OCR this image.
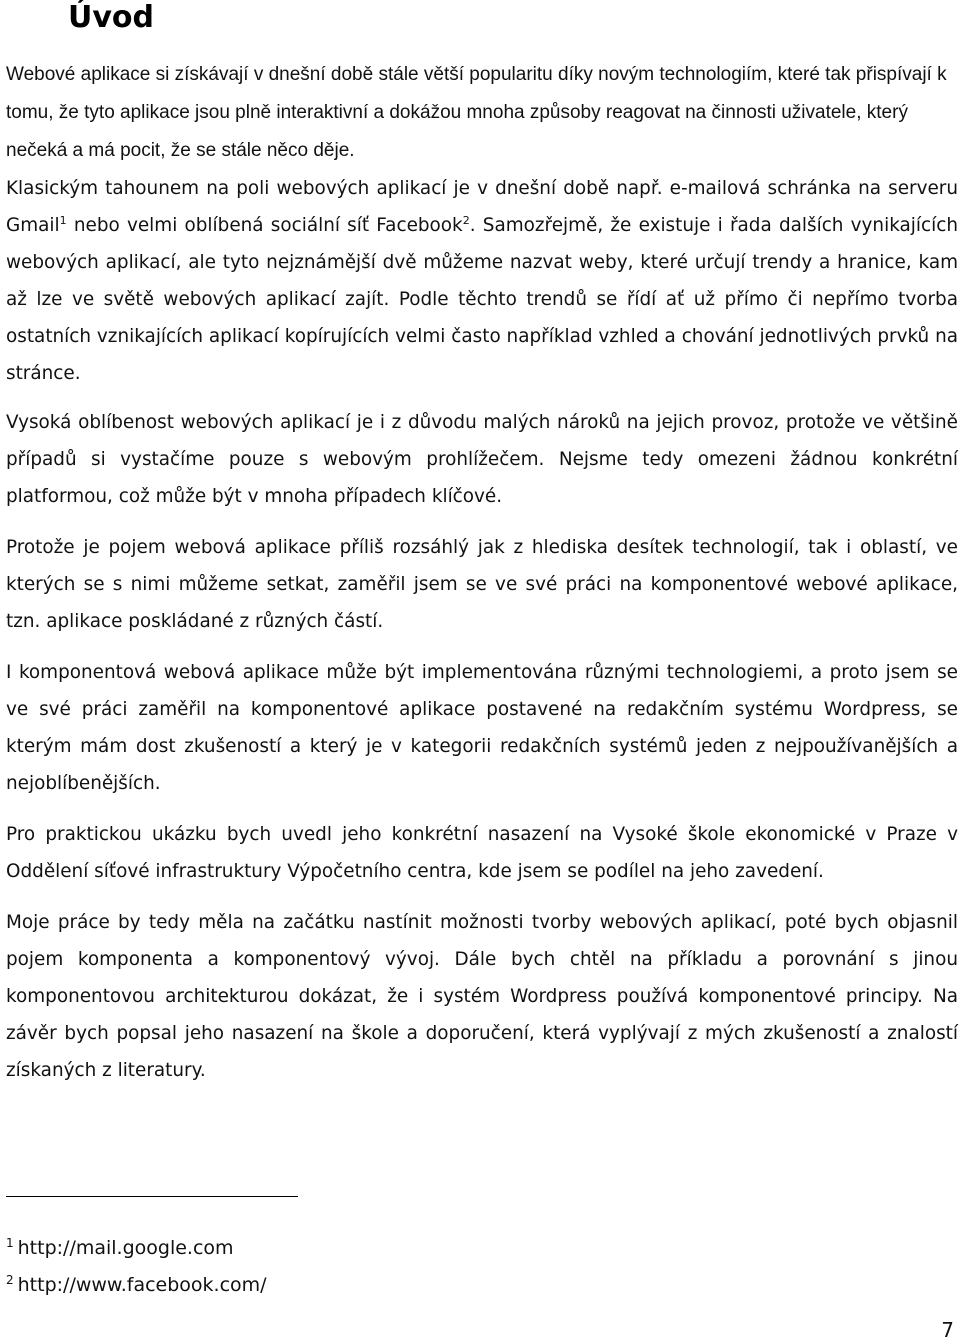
Úvod

Webové aplikace si získávají v dnešní době stále větší popularitu díky novým technologiím, které tak přispívají k tomu, že tyto aplikace jsou plně interaktivní a dokážou mnoha způsoby reagovat na činnosti uživatele, který nečeká a má pocit, že se stále něco děje.

Klasickým tahounem na poli webových aplikací je v dnešní době např. e-mailová schránka na serveru Gmail$^1$ nebo velmi oblíbená sociální síť Facebook$^2$. Samozřejmě, že existuje i řada dalších vynikajících webových aplikací, ale tyto nejznámější dvě můžeme nazvat weby, které určují trendy a hranice, kam až lze ve světě webových aplikací zajít. Podle těchto trendů se řídí ať už přímo či nepřímo tvorba ostatních vznikajících aplikací kopírujících velmi často například vzhled a chování jednotlivých prvků na stránce.

Vysoká oblíbenost webových aplikací je i z důvodu malých nároků na jejich provoz, protože ve většině případů si vystačíme pouze s webovým prohlížečem. Nejsme tedy omezeni žádnou konkrétní platformou, což může být v mnoha případech klíčové.

Protože je pojem webová aplikace příliš rozsáhlý jak z hlediska desítek technologií, tak i oblastí, ve kterých se s nimi můžeme setkat, zaměřil jsem se ve své práci na komponentové webové aplikace, tzn. aplikace poskládané z různých částí.

I komponentová webová aplikace může být implementována různými technologiemi, a proto jsem se ve své práci zaměřil na komponentové aplikace postavené na redakčním systému Wordpress, se kterým mám dost zkušeností a který je v kategorii redakčních systémů jeden z nejpoužívanějších a nejoblíbenějších.

Pro praktickou ukázku bych uvedl jeho konkrétní nasazení na Vysoké škole ekonomické v Praze v Oddělení síťové infrastruktury Výpočetního centra, kde jsem se podílel na jeho zavedení.

Moje práce by tedy měla na začátku nastínit možnosti tvorby webových aplikací, poté bych objasnil pojem komponenta a komponentový vývoj. Dále bych chtěl na příkladu a porovnání s jinou komponentovou architekturou dokázat, že i systém Wordpress používá komponentové principy. Na závěr bych popsal jeho nasazení na škole a doporučení, která vyplývají z mých zkušeností a znalostí získaných z literatury.

$^1$ http://mail.google.com

$^2$ http://www.facebook.com/

7
